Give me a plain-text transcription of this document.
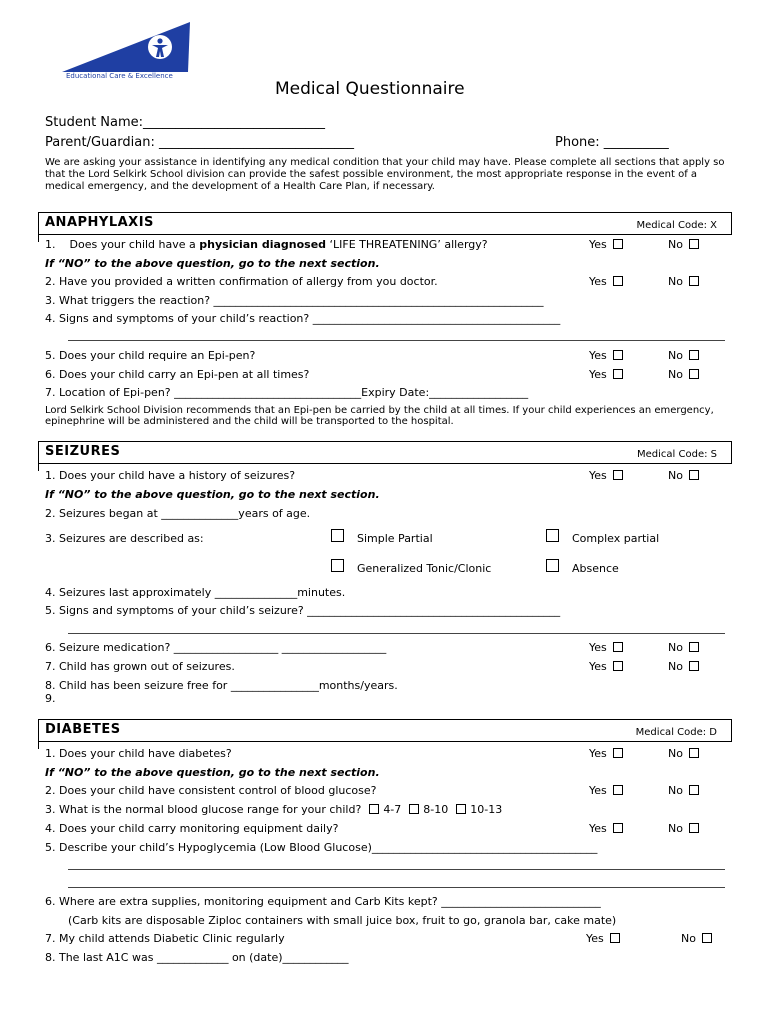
Educational Care & Excellence
Medical Questionnaire
Student Name:____________________________
Parent/Guardian: ______________________________	Phone: __________
We are asking your assistance in identifying any medical condition that your child may have. Please complete all sections that apply so that the Lord Selkirk School division can provide the safest possible environment, the most appropriate response in the event of a medical emergency, and the development of a Health Care Plan, if necessary.
ANAPHYLAXIS	Medical Code: X
1. Does your child have a physician diagnosed ‘LIFE THREATENING’ allergy?	Yes	No
If “NO” to the above question, go to the next section.
2. Have you provided a written confirmation of allergy from you doctor.	Yes	No
3. What triggers the reaction? ____________________________________________________________
4. Signs and symptoms of your child’s reaction? _____________________________________________
5. Does your child require an Epi-pen?	Yes	No
6. Does your child carry an Epi-pen at all times?	Yes	No
7. Location of Epi-pen? __________________________________Expiry Date:__________________
Lord Selkirk School Division recommends that an Epi-pen be carried by the child at all times. If your child experiences an emergency, epinephrine will be administered and the child will be transported to the hospital.
SEIZURES	Medical Code: S
1. Does your child have a history of seizures?	Yes	No
If “NO” to the above question, go to the next section.
2. Seizures began at ______________years of age.
3. Seizures are described as:	Simple Partial	Complex partial
Generalized Tonic/Clonic	Absence
4. Seizures last approximately _______________minutes.
5. Signs and symptoms of your child’s seizure? ______________________________________________
6. Seizure medication? ___________________ ___________________	Yes	No
7. Child has grown out of seizures.	Yes	No
8. Child has been seizure free for ________________months/years.
9.
DIABETES	Medical Code: D
1. Does your child have diabetes?	Yes	No
If “NO” to the above question, go to the next section.
2. Does your child have consistent control of blood glucose?	Yes	No
3. What is the normal blood glucose range for your child? 4-7 8-10 10-13
4. Does your child carry monitoring equipment daily?	Yes	No
5. Describe your child’s Hypoglycemia (Low Blood Glucose)_________________________________________
6. Where are extra supplies, monitoring equipment and Carb Kits kept? _____________________________
(Carb kits are disposable Ziploc containers with small juice box, fruit to go, granola bar, cake mate)
7. My child attends Diabetic Clinic regularly	Yes	No
8. The last A1C was _____________ on (date)____________
